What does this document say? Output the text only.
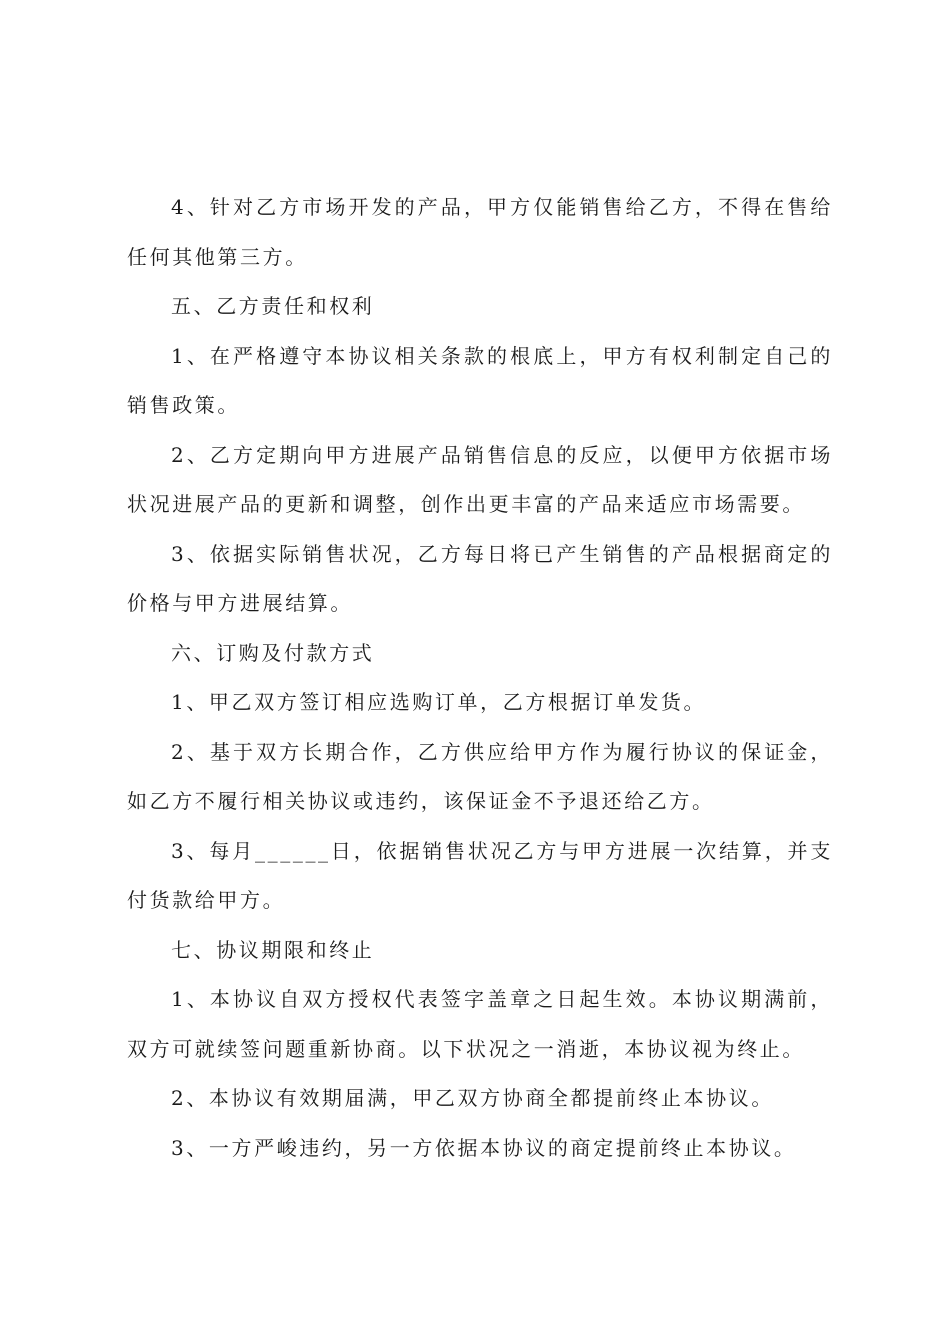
4、针对乙方市场开发的产品，甲方仅能销售给乙方，不得在售给任何其他第三方。

五、乙方责任和权利

1、在严格遵守本协议相关条款的根底上，甲方有权利制定自己的销售政策。

2、乙方定期向甲方进展产品销售信息的反应，以便甲方依据市场状况进展产品的更新和调整，创作出更丰富的产品来适应市场需要。

3、依据实际销售状况，乙方每日将已产生销售的产品根据商定的价格与甲方进展结算。

六、订购及付款方式

1、甲乙双方签订相应选购订单，乙方根据订单发货。

2、基于双方长期合作，乙方供应给甲方作为履行协议的保证金，如乙方不履行相关协议或违约，该保证金不予退还给乙方。

3、每月______日，依据销售状况乙方与甲方进展一次结算，并支付货款给甲方。

七、协议期限和终止

1、本协议自双方授权代表签字盖章之日起生效。本协议期满前，双方可就续签问题重新协商。以下状况之一消逝，本协议视为终止。

2、本协议有效期届满，甲乙双方协商全都提前终止本协议。

3、一方严峻违约，另一方依据本协议的商定提前终止本协议。
